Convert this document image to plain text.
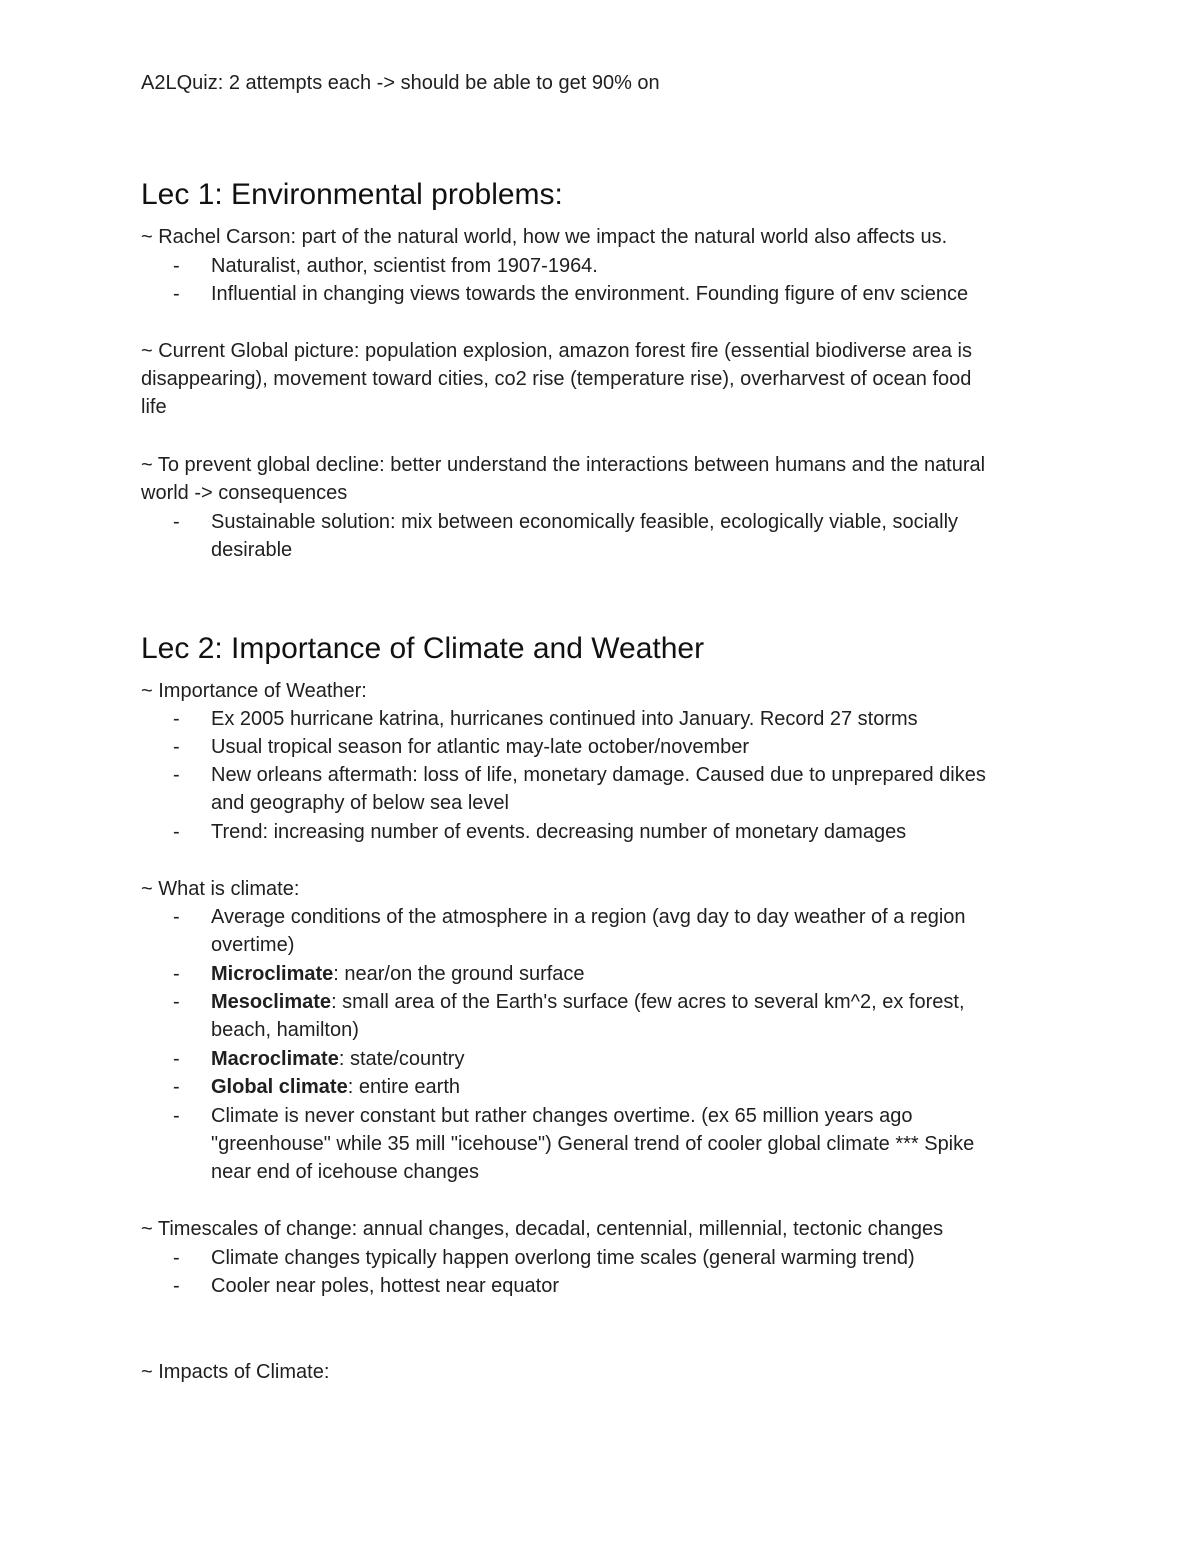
A2LQuiz: 2 attempts each -> should be able to get 90% on
Lec 1: Environmental problems:
~ Rachel Carson: part of the natural world, how we impact the natural world also affects us.
- Naturalist, author, scientist from 1907-1964.
- Influential in changing views towards the environment. Founding figure of env science
~ Current Global picture: population explosion, amazon forest fire (essential biodiverse area is
disappearing), movement toward cities, co2 rise (temperature rise), overharvest of ocean food
life
~ To prevent global decline: better understand the interactions between humans and the natural
world -> consequences
- Sustainable solution: mix between economically feasible, ecologically viable, socially
desirable
Lec 2: Importance of Climate and Weather
~ Importance of Weather:
- Ex 2005 hurricane katrina, hurricanes continued into January. Record 27 storms
- Usual tropical season for atlantic may-late october/november
- New orleans aftermath: loss of life, monetary damage. Caused due to unprepared dikes
and geography of below sea level
- Trend: increasing number of events. decreasing number of monetary damages
~ What is climate:
- Average conditions of the atmosphere in a region (avg day to day weather of a region
overtime)
- Microclimate: near/on the ground surface
- Mesoclimate: small area of the Earth's surface (few acres to several km^2, ex forest,
beach, hamilton)
- Macroclimate: state/country
- Global climate: entire earth
- Climate is never constant but rather changes overtime. (ex 65 million years ago
"greenhouse" while 35 mill "icehouse") General trend of cooler global climate *** Spike
near end of icehouse changes
~ Timescales of change: annual changes, decadal, centennial, millennial, tectonic changes
- Climate changes typically happen overlong time scales (general warming trend)
- Cooler near poles, hottest near equator
~ Impacts of Climate:
